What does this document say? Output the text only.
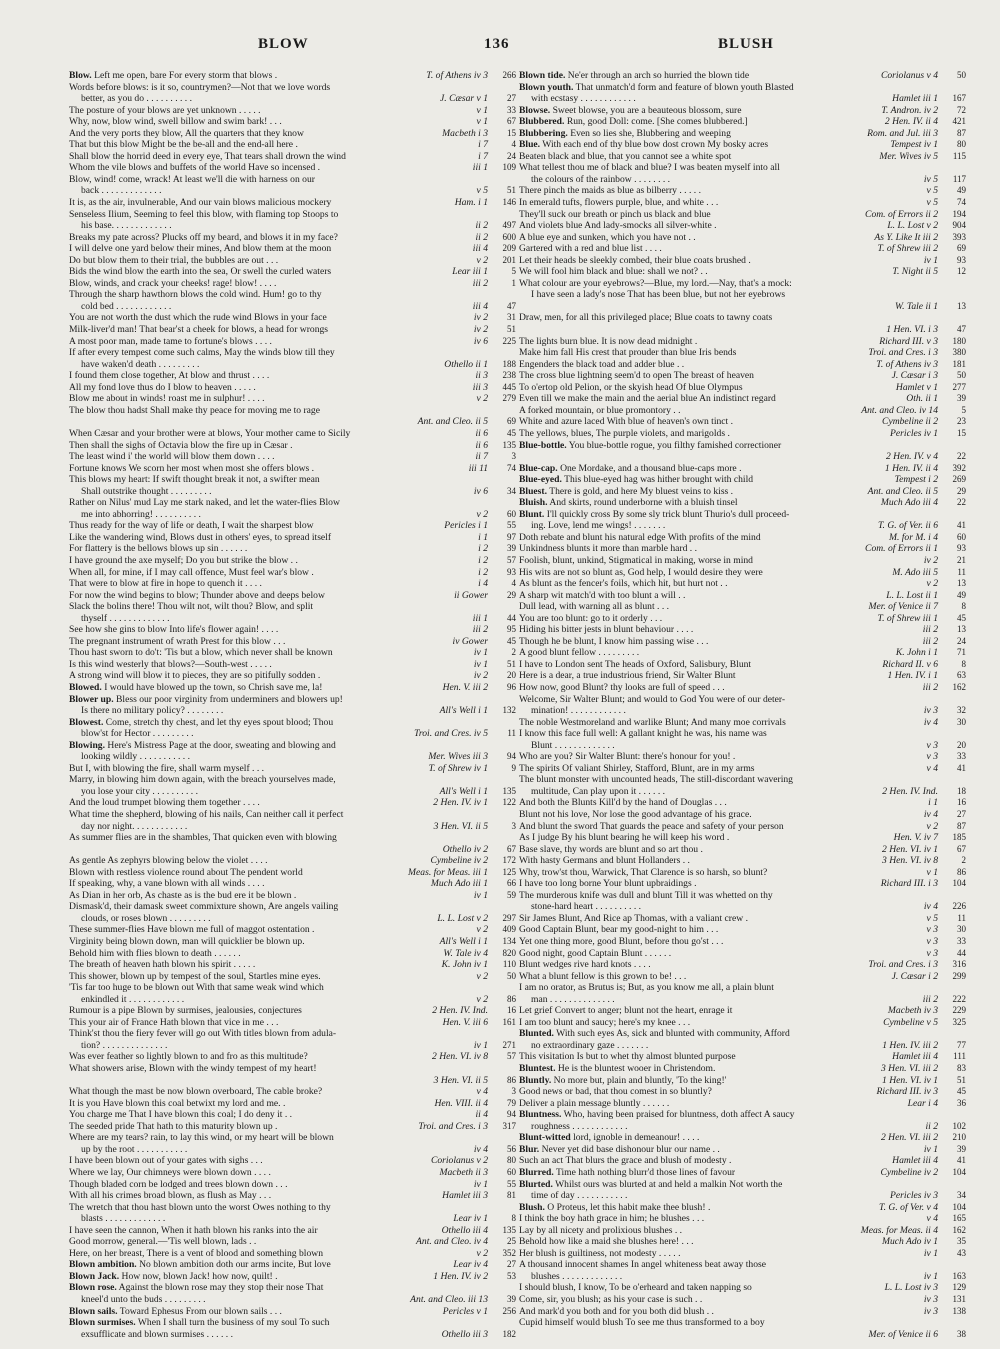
BLOW	136	BLUSH
Blow. Left me open, bare For every storm that blows .	T. of Athens iv 3	266
Words before blows: is it so, countrymen?—Not that we love words
better, as you do . . . . . . . . . .	J. Cæsar v 1	27
The posture of your blows are yet unknown . . . . .	v 1	33
Why, now, blow wind, swell billow and swim bark! . . .	v 1	67
And the very ports they blow, All the quarters that they know	Macbeth i 3	15
That but this blow Might be the be-all and the end-all here .	i 7	4
Shall blow the horrid deed in every eye, That tears shall drown the wind	i 7	24
Whom the vile blows and buffets of the world Have so incensed .	iii 1	109
Blow, wind! come, wrack! At least we'll die with harness on our
back . . . . . . . . . . . . .	v 5	51
It is, as the air, invulnerable, And our vain blows malicious mockery	Ham. i 1	146
Senseless Ilium, Seeming to feel this blow, with flaming top Stoops to
his base. . . . . . . . . . . . .	ii 2	497
Breaks my pate across? Plucks off my beard, and blows it in my face?	ii 2	600
I will delve one yard below their mines, And blow them at the moon	iii 4	209
Do but blow them to their trial, the bubbles are out . . .	v 2	201
Bids the wind blow the earth into the sea, Or swell the curled waters	Lear iii 1	5
Blow, winds, and crack your cheeks! rage! blow! . . . .	iii 2	1
Through the sharp hawthorn blows the cold wind. Hum! go to thy
cold bed . . . . . . . . . . . .	iii 4	47
You are not worth the dust which the rude wind Blows in your face	iv 2	31
Milk-liver'd man! That bear'st a cheek for blows, a head for wrongs	iv 2	51
A most poor man, made tame to fortune's blows . . . .	iv 6	225
If after every tempest come such calms, May the winds blow till they
have waken'd death . . . . . . . . .	Othello ii 1	188
I found them close together, At blow and thrust . . . .	ii 3	238
All my fond love thus do I blow to heaven . . . . .	iii 3	445
Blow me about in winds! roast me in sulphur! . . . .	v 2	279
The blow thou hadst Shall make thy peace for moving me to rage
Ant. and Cleo. ii 5	69
When Cæsar and your brother were at blows, Your mother came to Sicily	ii 6	45
Then shall the sighs of Octavia blow the fire up in Cæsar .	ii 6	135
The least wind i' the world will blow them down . . . .	ii 7	3
Fortune knows We scorn her most when most she offers blows .	iii 11	74
This blows my heart: If swift thought break it not, a swifter mean
Shall outstrike thought . . . . . . . . .	iv 6	34
Rather on Nilus' mud Lay me stark naked, and let the water-flies Blow
me into abhorring! . . . . . . . . . .	v 2	60
Thus ready for the way of life or death, I wait the sharpest blow	Pericles i 1	55
Like the wandering wind, Blows dust in others' eyes, to spread itself	i 1	97
For flattery is the bellows blows up sin . . . . . .	i 2	39
I have ground the axe myself; Do you but strike the blow . .	i 2	57
When all, for mine, if I may call offence, Must feel war's blow .	i 2	93
That were to blow at fire in hope to quench it . . . .	i 4	4
For now the wind begins to blow; Thunder above and deeps below	ii Gower	29
Slack the bolins there! Thou wilt not, wilt thou? Blow, and split
thyself . . . . . . . . . . . . .	iii 1	44
See how she gins to blow Into life's flower again! . . . .	iii 2	95
The pregnant instrument of wrath Prest for this blow . . .	iv Gower	45
Thou hast sworn to do't: 'Tis but a blow, which never shall be known	iv 1	2
Is this wind westerly that blows?—South-west . . . . .	iv 1	51
A strong wind will blow it to pieces, they are so pitifully sodden .	iv 2	20
Blowed. I would have blowed up the town, so Chrish save me, la!	Hen. V. iii 2	96
Blower up. Bless our poor virginity from underminers and blowers up!
Is there no military policy? . . . . . . . .	All's Well i 1	132
Blowest. Come, stretch thy chest, and let thy eyes spout blood; Thou
blow'st for Hector . . . . . . . . .	Troi. and Cres. iv 5	11
Blowing. Here's Mistress Page at the door, sweating and blowing and
looking wildly . . . . . . . . . . .	Mer. Wives iii 3	94
But I, with blowing the fire, shall warm myself . . .	T. of Shrew iv 1	9
Marry, in blowing him down again, with the breach yourselves made,
you lose your city . . . . . . . . . .	All's Well i 1	135
And the loud trumpet blowing them together . . . .	2 Hen. IV. iv 1	122
What time the shepherd, blowing of his nails, Can neither call it perfect
day nor night. . . . . . . . . . . .	3 Hen. VI. ii 5	3
As summer flies are in the shambles, That quicken even with blowing
Othello iv 2	67
As gentle As zephyrs blowing below the violet . . . .	Cymbeline iv 2	172
Blown with restless violence round about The pendent world	Meas. for Meas. iii 1	125
If speaking, why, a vane blown with all winds . . . .	Much Ado iii 1	66
As Dian in her orb, As chaste as is the bud ere it be blown .	iv 1	59
Dismask'd, their damask sweet commixture shown, Are angels vailing
clouds, or roses blown . . . . . . . . .	L. L. Lost v 2	297
These summer-flies Have blown me full of maggot ostentation .	v 2	409
Virginity being blown down, man will quicklier be blown up.	All's Well i 1	134
Behold him with flies blown to death . . . . . .	W. Tale iv 4	820
The breath of heaven hath blown his spirit . . . . .	K. John iv 1	110
This shower, blown up by tempest of the soul, Startles mine eyes.	v 2	50
'Tis far too huge to be blown out With that same weak wind which
enkindled it . . . . . . . . . . . .	v 2	86
Rumour is a pipe Blown by surmises, jealousies, conjectures	2 Hen. IV. Ind.	16
This your air of France Hath blown that vice in me . . .	Hen. V. iii 6	161
Think'st thou the fiery fever will go out With titles blown from adula-
tion? . . . . . . . . . . . . . .	iv 1	271
Was ever feather so lightly blown to and fro as this multitude?	2 Hen. VI. iv 8	57
What showers arise, Blown with the windy tempest of my heart!
3 Hen. VI. ii 5	86
What though the mast be now blown overboard, The cable broke?	v 4	3
It is you Have blown this coal betwixt my lord and me. .	Hen. VIII. ii 4	79
You charge me That I have blown this coal; I do deny it . .	ii 4	94
The seeded pride That hath to this maturity blown up .	Troi. and Cres. i 3	317
Where are my tears? rain, to lay this wind, or my heart will be blown
up by the root . . . . . . . . . . .	iv 4	56
I have been blown out of your gates with sighs . . .	Coriolanus v 2	80
Where we lay, Our chimneys were blown down . . . .	Macbeth ii 3	60
Though bladed corn be lodged and trees blown down . . .	iv 1	55
With all his crimes broad blown, as flush as May . . .	Hamlet iii 3	81
The wretch that thou hast blown unto the worst Owes nothing to thy
blasts . . . . . . . . . . . . .	Lear iv 1	8
I have seen the cannon, When it hath blown his ranks into the air	Othello iii 4	135
Good morrow, general.—'Tis well blown, lads . .	Ant. and Cleo. iv 4	25
Here, on her breast, There is a vent of blood and something blown	v 2	352
Blown ambition. No blown ambition doth our arms incite, But love	Lear iv 4	27
Blown Jack. How now, blown Jack! how now, quilt! .	1 Hen. IV. iv 2	53
Blown rose. Against the blown rose may they stop their nose That
kneel'd unto the buds . . . . . . . . .	Ant. and Cleo. iii 13	39
Blown sails. Toward Ephesus From our blown sails . . .	Pericles v 1	256
Blown surmises. When I shall turn the business of my soul To such
exsufflicate and blown surmises . . . . . .	Othello iii 3	182
Blown tide. Ne'er through an arch so hurried the blown tide	Coriolanus v 4	50
Blown youth. That unmatch'd form and feature of blown youth Blasted
with ecstasy . . . . . . . . . . . .	Hamlet iii 1	167
Blowse. Sweet blowse, you are a beauteous blossom, sure	T. Andron. iv 2	72
Blubbered. Run, good Doll: come. [She comes blubbered.]	2 Hen. IV. ii 4	421
Blubbering. Even so lies she, Blubbering and weeping	Rom. and Jul. iii 3	87
Blue. With each end of thy blue bow dost crown My bosky acres	Tempest iv 1	80
Beaten black and blue, that you cannot see a white spot	Mer. Wives iv 5	115
What tellest thou me of black and blue? I was beaten myself into all
the colours of the rainbow . . . . . . . .	iv 5	117
There pinch the maids as blue as bilberry . . . . .	v 5	49
In emerald tufts, flowers purple, blue, and white . . .	v 5	74
They'll suck our breath or pinch us black and blue	Com. of Errors ii 2	194
And violets blue And lady-smocks all silver-white .	L. L. Lost v 2	904
A blue eye and sunken, which you have not . .	As Y. Like It iii 2	393
Gartered with a red and blue list . . . .	T. of Shrew iii 2	69
Let their heads be sleekly combed, their blue coats brushed .	iv 1	93
We will fool him black and blue: shall we not? . .	T. Night ii 5	12
What colour are your eyebrows?—Blue, my lord.—Nay, that's a mock:
I have seen a lady's nose That has been blue, but not her eyebrows
W. Tale ii 1	13
Draw, men, for all this privileged place; Blue coats to tawny coats
1 Hen. VI. i 3	47
The lights burn blue. It is now dead midnight .	Richard III. v 3	180
Make him fall His crest that prouder than blue Iris bends	Troi. and Cres. i 3	380
Engenders the black toad and adder blue . .	T. of Athens iv 3	181
The cross blue lightning seem'd to open The breast of heaven	J. Cæsar i 3	50
To o'ertop old Pelion, or the skyish head Of blue Olympus	Hamlet v 1	277
Even till we make the main and the aerial blue An indistinct regard	Oth. ii 1	39
A forked mountain, or blue promontory . .	Ant. and Cleo. iv 14	5
White and azure laced With blue of heaven's own tinct .	Cymbeline ii 2	23
The yellows, blues, The purple violets, and marigolds .	Pericles iv 1	15
Blue-bottle. You blue-bottle rogue, you filthy famished correctioner
2 Hen. IV. v 4	22
Blue-cap. One Mordake, and a thousand blue-caps more .	1 Hen. IV. ii 4	392
Blue-eyed. This blue-eyed hag was hither brought with child	Tempest i 2	269
Bluest. There is gold, and here My bluest veins to kiss .	Ant. and Cleo. ii 5	29
Bluish. And skirts, round underborne with a bluish tinsel	Much Ado iii 4	22
Blunt. I'll quickly cross By some sly trick blunt Thurio's dull proceed-
ing. Love, lend me wings! . . . . . . .	T. G. of Ver. ii 6	41
Doth rebate and blunt his natural edge With profits of the mind	M. for M. i 4	60
Unkindness blunts it more than marble hard . .	Com. of Errors ii 1	93
Foolish, blunt, unkind, Stigmatical in making, worse in mind	iv 2	21
His wits are not so blunt as, God help, I would desire they were	M. Ado iii 5	11
As blunt as the fencer's foils, which hit, but hurt not . .	v 2	13
A sharp wit match'd with too blunt a will . .	L. L. Lost ii 1	49
Dull lead, with warning all as blunt . . .	Mer. of Venice ii 7	8
You are too blunt: go to it orderly . . .	T. of Shrew iii 1	45
Hiding his bitter jests in blunt behaviour . . . .	iii 2	13
Though he be blunt, I know him passing wise . . .	iii 2	24
A good blunt fellow . . . . . . . . .	K. John i 1	71
I have to London sent The heads of Oxford, Salisbury, Blunt	Richard II. v 6	8
Here is a dear, a true industrious friend, Sir Walter Blunt	1 Hen. IV. i 1	63
How now, good Blunt? thy looks are full of speed . . .	iii 2	162
Welcome, Sir Walter Blunt; and would to God You were of our deter-
mination! . . . . . . . . . . . .	iv 3	32
The noble Westmoreland and warlike Blunt; And many moe corrivals	iv 4	30
I know this face full well: A gallant knight he was, his name was
Blunt . . . . . . . . . . . . .	v 3	20
Who are you? Sir Walter Blunt: there's honour for you! .	v 3	33
The spirits Of valiant Shirley, Stafford, Blunt, are in my arms	v 4	41
The blunt monster with uncounted heads, The still-discordant wavering
multitude, Can play upon it . . . . . .	2 Hen. IV. Ind.	18
And both the Blunts Kill'd by the hand of Douglas . . .	i 1	16
Blunt not his love, Nor lose the good advantage of his grace.	iv 4	27
And blunt the sword That guards the peace and safety of your person	v 2	87
As I judge By his blunt bearing he will keep his word .	Hen. V. iv 7	185
Base slave, thy words are blunt and so art thou .	2 Hen. VI. iv 1	67
With hasty Germans and blunt Hollanders . .	3 Hen. VI. iv 8	2
Why, trow'st thou, Warwick, That Clarence is so harsh, so blunt?	v 1	86
I have too long borne Your blunt upbraidings .	Richard III. i 3	104
The murderous knife was dull and blunt Till it was whetted on thy
stone-hard heart . . . . . . . . . .	iv 4	226
Sir James Blunt, And Rice ap Thomas, with a valiant crew .	v 5	11
Good Captain Blunt, bear my good-night to him . . .	v 3	30
Yet one thing more, good Blunt, before thou go'st . . .	v 3	33
Good night, good Captain Blunt . . . . . .	v 3	44
Blunt wedges rive hard knots . . . .	Troi. and Cres. i 3	316
What a blunt fellow is this grown to be! . . .	J. Cæsar i 2	299
I am no orator, as Brutus is; But, as you know me all, a plain blunt
man . . . . . . . . . . . . . .	iii 2	222
Let grief Convert to anger; blunt not the heart, enrage it	Macbeth iv 3	229
I am too blunt and saucy; here's my knee . . .	Cymbeline v 5	325
Blunted. With such eyes As, sick and blunted with community, Afford
no extraordinary gaze . . . . . . .	1 Hen. IV. iii 2	77
This visitation Is but to whet thy almost blunted purpose	Hamlet iii 4	111
Bluntest. He is the bluntest wooer in Christendom.	3 Hen. VI. iii 2	83
Bluntly. No more but, plain and bluntly, 'To the king!'	1 Hen. VI. iv 1	51
Good news or bad, that thou comest in so bluntly?	Richard III. iv 3	45
Deliver a plain message bluntly . . . . . .	Lear i 4	36
Bluntness. Who, having been praised for bluntness, doth affect A saucy
roughness . . . . . . . . . . . .	ii 2	102
Blunt-witted lord, ignoble in demeanour! . . . .	2 Hen. VI. iii 2	210
Blur. Never yet did base dishonour blur our name . .	iv 1	39
Such an act That blurs the grace and blush of modesty .	Hamlet iii 4	41
Blurred. Time hath nothing blurr'd those lines of favour	Cymbeline iv 2	104
Blurted. Whilst ours was blurted at and held a malkin Not worth the
time of day . . . . . . . . . . .	Pericles iv 3	34
Blush. O Proteus, let this habit make thee blush! .	T. G. of Ver. v 4	104
I think the boy hath grace in him; he blushes . . .	v 4	165
Lay by all nicety and prolixious blushes . .	Meas. for Meas. ii 4	162
Behold how like a maid she blushes here! . . .	Much Ado iv 1	35
Her blush is guiltiness, not modesty . . . . .	iv 1	43
A thousand innocent shames In angel whiteness beat away those
blushes . . . . . . . . . . . . .	iv 1	163
I should blush, I know, To be o'erheard and taken napping so	L. L. Lost iv 3	129
Come, sir, you blush; as his your case is such . .	iv 3	131
And mark'd you both and for you both did blush . .	iv 3	138
Cupid himself would blush To see me thus transformed to a boy
Mer. of Venice ii 6	38
